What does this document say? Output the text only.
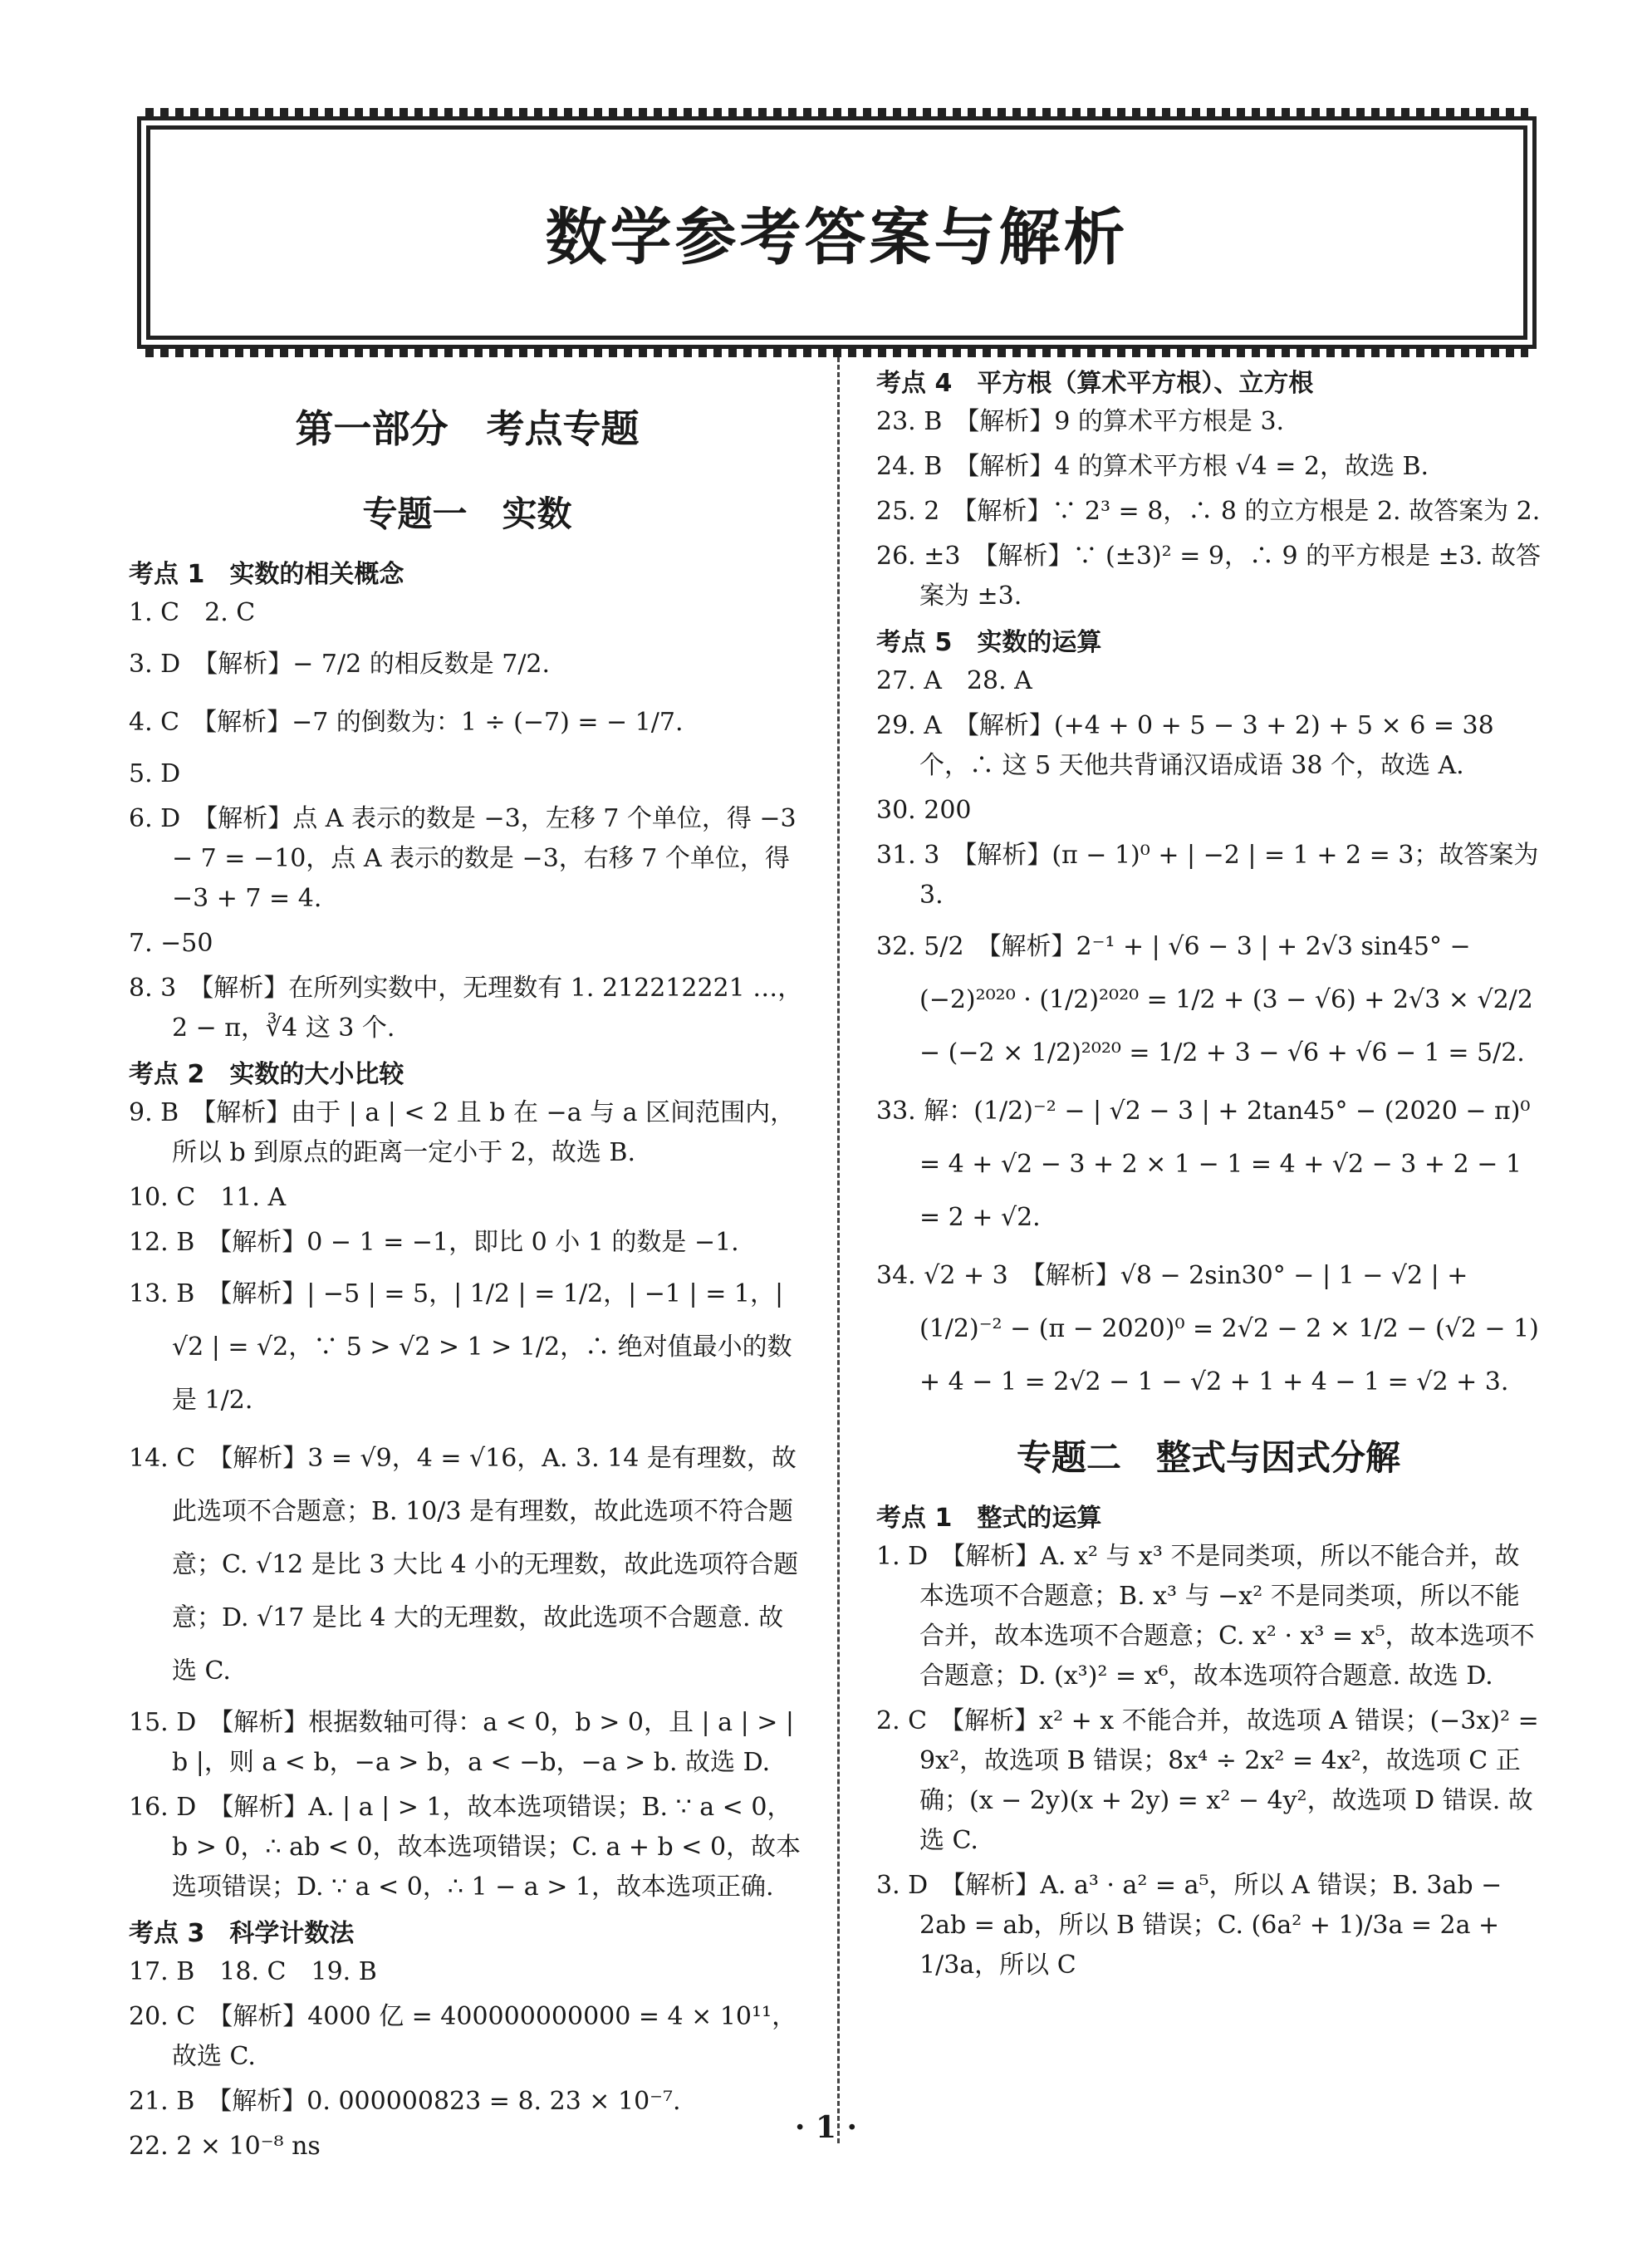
数学参考答案与解析
第一部分　考点专题
专题一　实数
考点 1　实数的相关概念
1. C　2. C
3. D　【解析】− 7/2 的相反数是 7/2.
4. C　【解析】−7 的倒数为：1 ÷ (−7) = − 1/7.
5. D
6. D　【解析】点 A 表示的数是 −3，左移 7 个单位，得 −3 − 7 = −10，点 A 表示的数是 −3，右移 7 个单位，得 −3 + 7 = 4.
7. −50
8. 3　【解析】在所列实数中，无理数有 1. 212212221 …，2 − π，∛4 这 3 个.
考点 2　实数的大小比较
9. B　【解析】由于 | a | < 2 且 b 在 −a 与 a 区间范围内，所以 b 到原点的距离一定小于 2，故选 B.
10. C　11. A
12. B　【解析】0 − 1 = −1，即比 0 小 1 的数是 −1.
13. B　【解析】| −5 | = 5，| 1/2 | = 1/2，| −1 | = 1，| √2 | = √2，∵ 5 > √2 > 1 > 1/2，∴ 绝对值最小的数是 1/2.
14. C　【解析】3 = √9，4 = √16，A. 3. 14 是有理数，故此选项不合题意；B. 10/3 是有理数，故此选项不符合题意；C. √12 是比 3 大比 4 小的无理数，故此选项符合题意；D. √17 是比 4 大的无理数，故此选项不合题意. 故选 C.
15. D　【解析】根据数轴可得：a < 0，b > 0，且 | a | > | b |，则 a < b，−a > b，a < −b，−a > b. 故选 D.
16. D　【解析】A. | a | > 1，故本选项错误；B. ∵ a < 0，b > 0，∴ ab < 0，故本选项错误；C. a + b < 0，故本选项错误；D. ∵ a < 0，∴ 1 − a > 1，故本选项正确.
考点 3　科学计数法
17. B　18. C　19. B
20. C　【解析】4000 亿 = 400000000000 = 4 × 10¹¹，故选 C.
21. B　【解析】0. 000000823 = 8. 23 × 10⁻⁷.
22. 2 × 10⁻⁸ ns
考点 4　平方根（算术平方根）、立方根
23. B　【解析】9 的算术平方根是 3.
24. B　【解析】4 的算术平方根 √4 = 2，故选 B.
25. 2　【解析】∵ 2³ = 8，∴ 8 的立方根是 2. 故答案为 2.
26. ±3　【解析】∵ (±3)² = 9，∴ 9 的平方根是 ±3. 故答案为 ±3.
考点 5　实数的运算
27. A　28. A
29. A　【解析】(+4 + 0 + 5 − 3 + 2) + 5 × 6 = 38 个，∴ 这 5 天他共背诵汉语成语 38 个，故选 A.
30. 200
31. 3　【解析】(π − 1)⁰ + | −2 | = 1 + 2 = 3；故答案为 3.
32. 5/2　【解析】2⁻¹ + | √6 − 3 | + 2√3 sin45° − (−2)²⁰²⁰ · (1/2)²⁰²⁰ = 1/2 + (3 − √6) + 2√3 × √2/2 − (−2 × 1/2)²⁰²⁰ = 1/2 + 3 − √6 + √6 − 1 = 5/2.
33. 解：(1/2)⁻² − | √2 − 3 | + 2tan45° − (2020 − π)⁰ = 4 + √2 − 3 + 2 × 1 − 1 = 4 + √2 − 3 + 2 − 1 = 2 + √2.
34. √2 + 3　【解析】√8 − 2sin30° − | 1 − √2 | + (1/2)⁻² − (π − 2020)⁰ = 2√2 − 2 × 1/2 − (√2 − 1) + 4 − 1 = 2√2 − 1 − √2 + 1 + 4 − 1 = √2 + 3.
专题二　整式与因式分解
考点 1　整式的运算
1. D　【解析】A. x² 与 x³ 不是同类项，所以不能合并，故本选项不合题意；B. x³ 与 −x² 不是同类项，所以不能合并，故本选项不合题意；C. x² · x³ = x⁵，故本选项不合题意；D. (x³)² = x⁶，故本选项符合题意. 故选 D.
2. C　【解析】x² + x 不能合并，故选项 A 错误；(−3x)² = 9x²，故选项 B 错误；8x⁴ ÷ 2x² = 4x²，故选项 C 正确；(x − 2y)(x + 2y) = x² − 4y²，故选项 D 错误. 故选 C.
3. D　【解析】A. a³ · a² = a⁵，所以 A 错误；B. 3ab − 2ab = ab，所以 B 错误；C. (6a² + 1)/3a = 2a + 1/3a，所以 C
· 1 ·
